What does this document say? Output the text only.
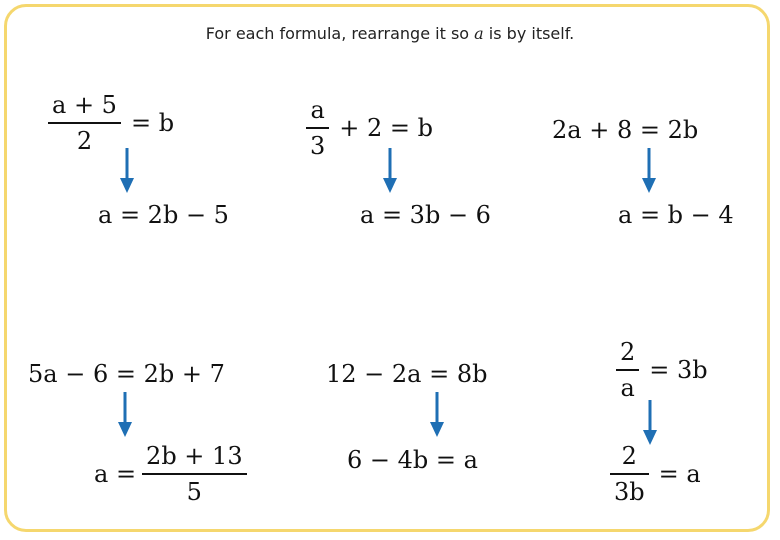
For each formula, rearrange it so a is by itself.
$\frac{a + 5}{2} = b$
a = 2b − 5
$\frac{a}{3} + 2 = b$
a = 3b − 6
2a + 8 = 2b
a = b − 4
5a − 6 = 2b + 7
$a = \frac{2b + 13}{5}$
12 − 2a = 8b
6 − 4b = a
$\frac{2}{a} = 3b$
$\frac{2}{3b} = a$
